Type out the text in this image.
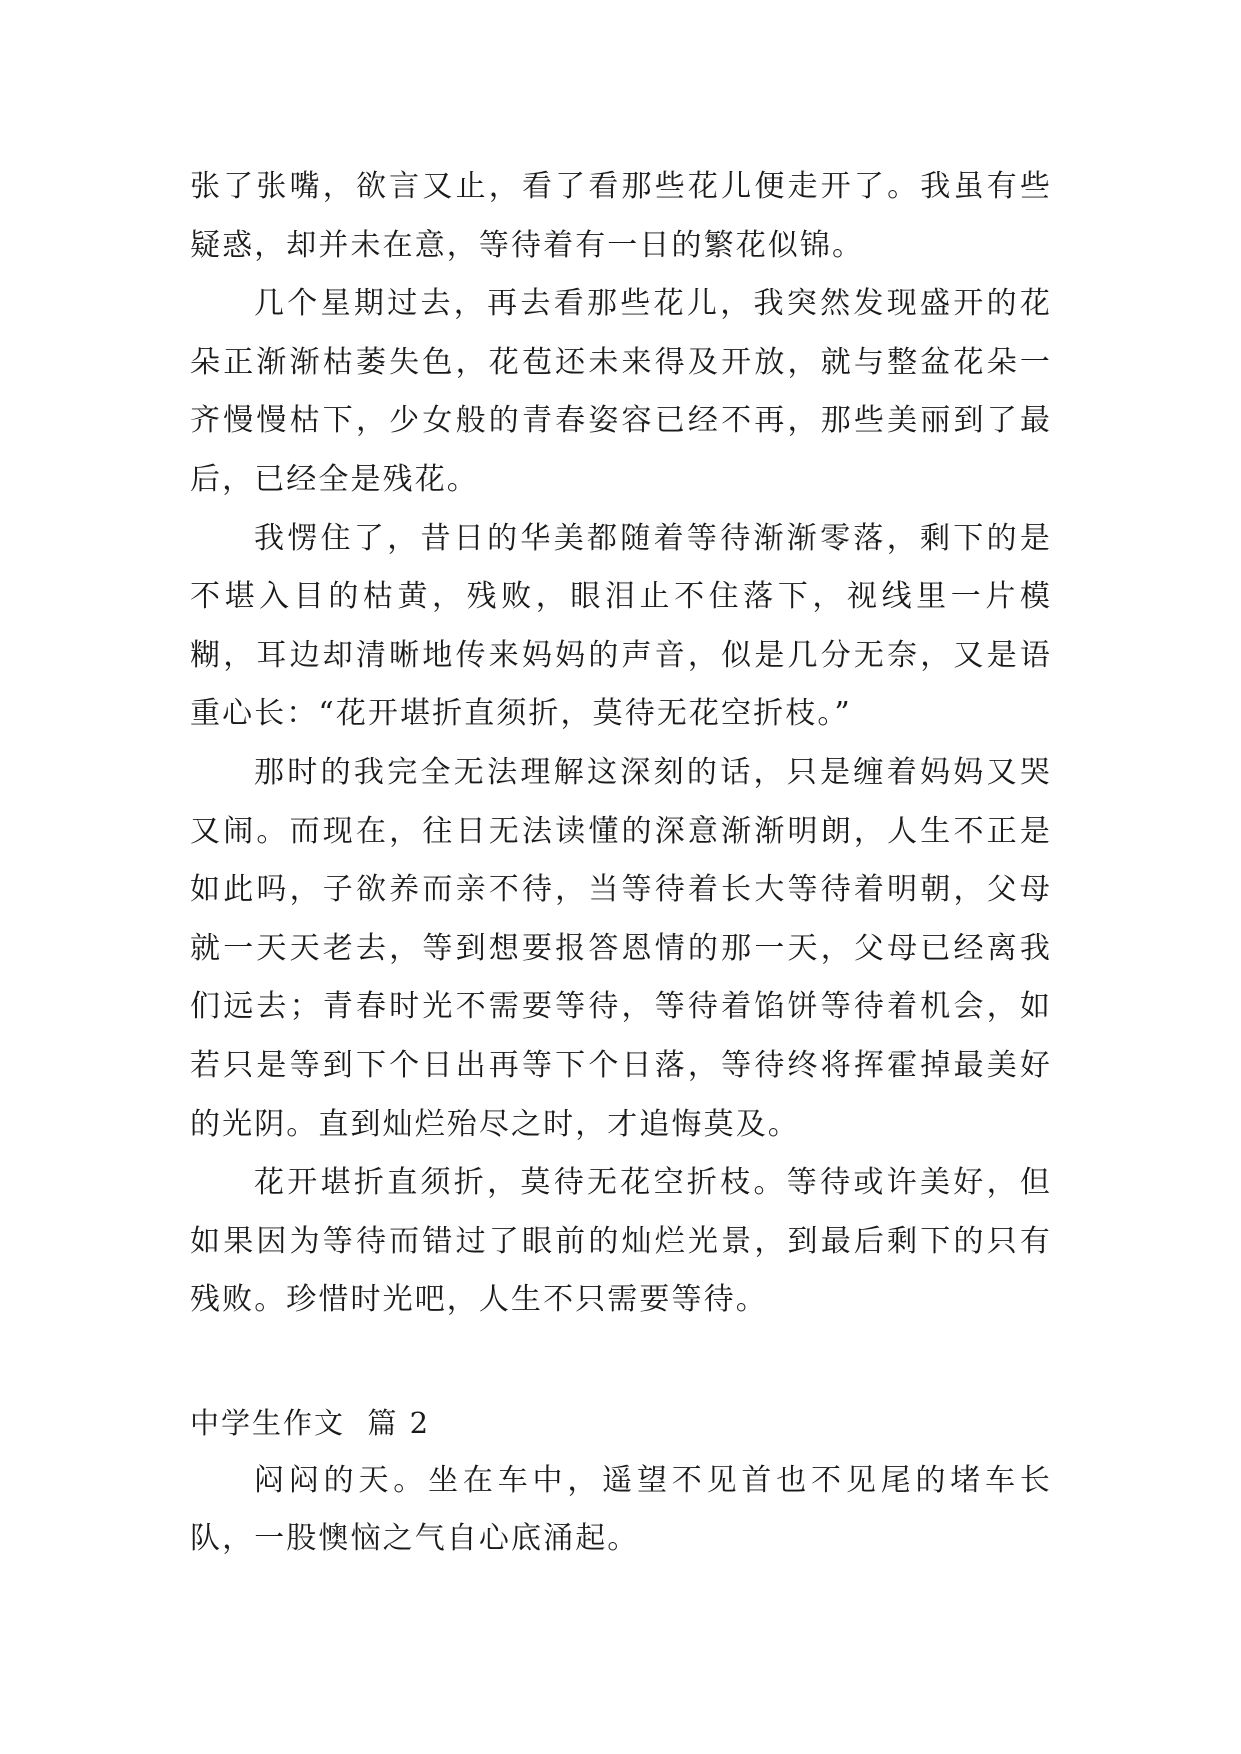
张了张嘴，欲言又止，看了看那些花儿便走开了。我虽有些疑惑，却并未在意，等待着有一日的繁花似锦。

几个星期过去，再去看那些花儿，我突然发现盛开的花朵正渐渐枯萎失色，花苞还未来得及开放，就与整盆花朵一齐慢慢枯下，少女般的青春姿容已经不再，那些美丽到了最后，已经全是残花。

我愣住了，昔日的华美都随着等待渐渐零落，剩下的是不堪入目的枯黄，残败，眼泪止不住落下，视线里一片模糊，耳边却清晰地传来妈妈的声音，似是几分无奈，又是语重心长：“花开堪折直须折，莫待无花空折枝。”

那时的我完全无法理解这深刻的话，只是缠着妈妈又哭又闹。而现在，往日无法读懂的深意渐渐明朗，人生不正是如此吗，子欲养而亲不待，当等待着长大等待着明朝，父母就一天天老去，等到想要报答恩情的那一天，父母已经离我们远去；青春时光不需要等待，等待着馅饼等待着机会，如若只是等到下个日出再等下个日落，等待终将挥霍掉最美好的光阴。直到灿烂殆尽之时，才追悔莫及。

花开堪折直须折，莫待无花空折枝。等待或许美好，但如果因为等待而错过了眼前的灿烂光景，到最后剩下的只有残败。珍惜时光吧，人生不只需要等待。

中学生作文  篇 2

闷闷的天。坐在车中，遥望不见首也不见尾的堵车长队，一股懊恼之气自心底涌起。
